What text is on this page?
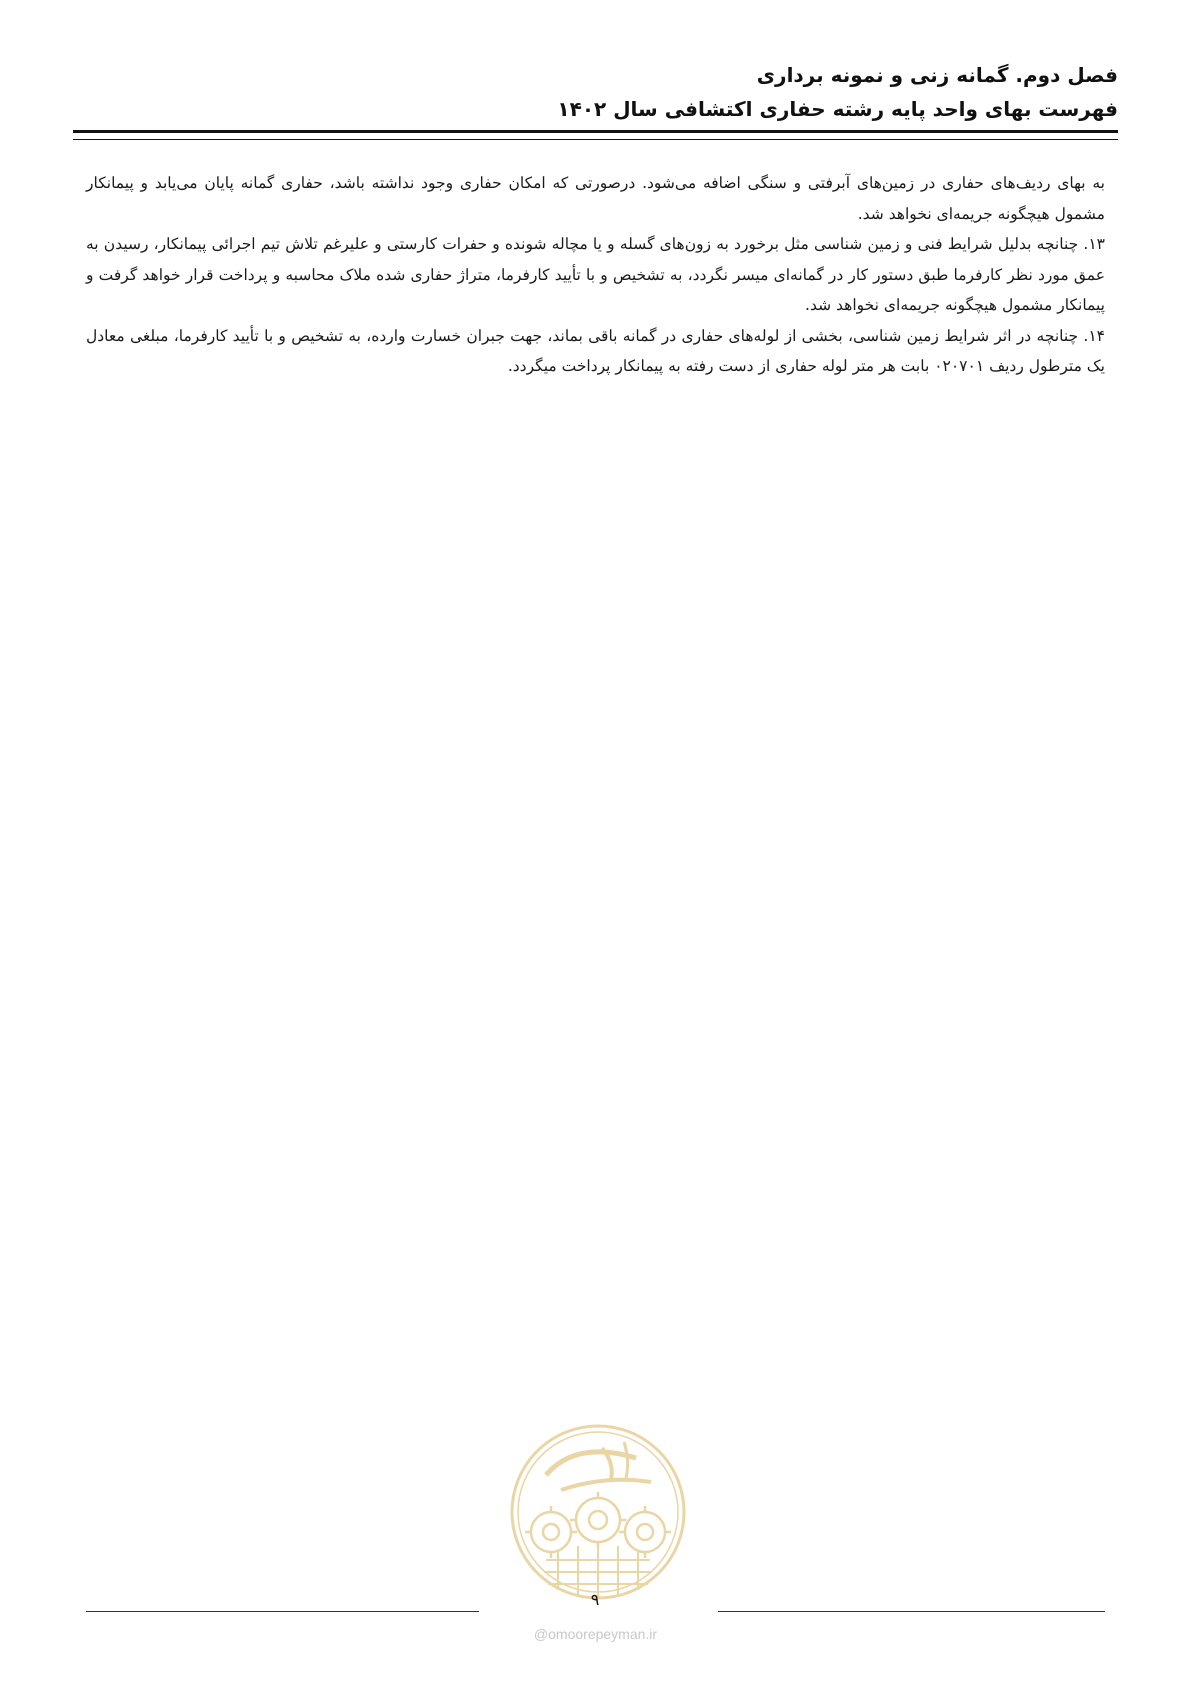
فصل دوم. گمانه زنی و نمونه برداری
فهرست بهای واحد پایه رشته حفاری اکتشافی سال ۱۴۰۲

به بهای ردیف‌های حفاری در زمین‌های آبرفتی و سنگی اضافه می‌شود. درصورتی که امکان حفاری وجود نداشته باشد، حفاری گمانه پایان می‌یابد و پیمانکار مشمول هیچگونه جریمه‌ای نخواهد شد.

۱۳. چنانچه بدلیل شرایط فنی و زمین شناسی مثل برخورد به زون‌های گسله و یا مچاله شونده و حفرات کارستی و علیرغم تلاش تیم اجرائی پیمانکار، رسیدن به عمق مورد نظر کارفرما طبق دستور کار در گمانه‌ای میسر نگردد، به تشخیص و با تأیید کارفرما، متراژ حفاری شده ملاک محاسبه و پرداخت قرار خواهد گرفت و پیمانکار مشمول هیچگونه جریمه‌ای نخواهد شد.

۱۴. چنانچه در اثر شرایط زمین شناسی، بخشی از لوله‌های حفاری در گمانه باقی بماند، جهت جبران خسارت وارده، به تشخیص و با تأیید کارفرما، مبلغی معادل یک مترطول ردیف ۰۲۰۷۰۱ بابت هر متر لوله حفاری از دست رفته به پیمانکار پرداخت میگردد.

۹
@omoorepeyman.ir
